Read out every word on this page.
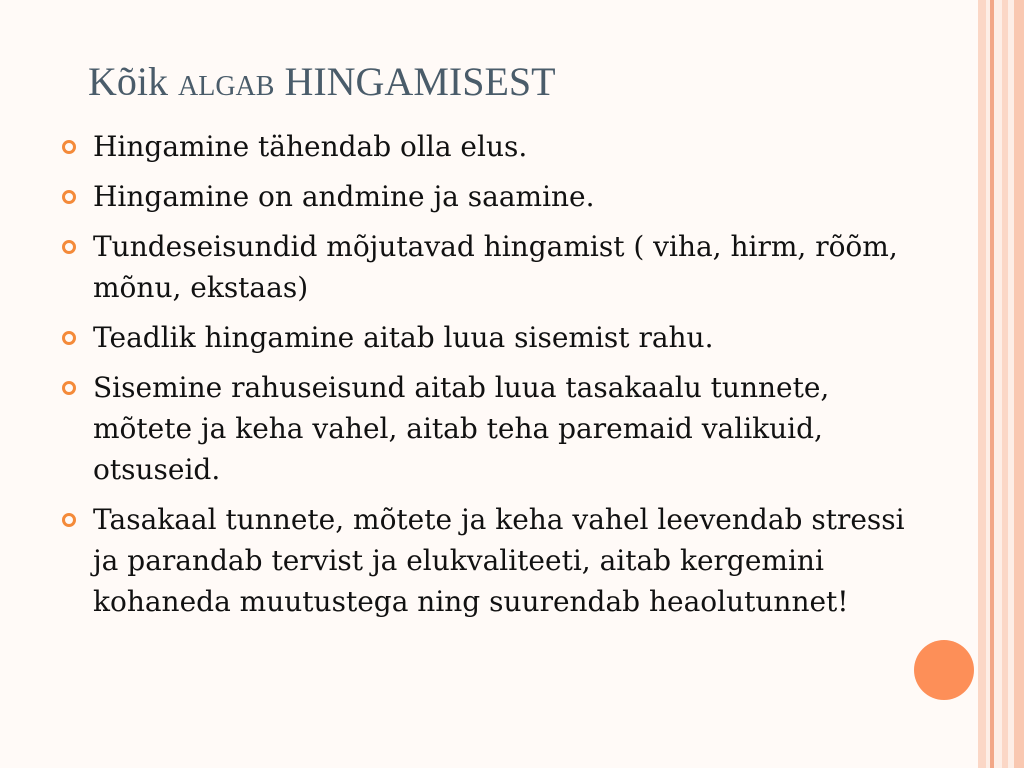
Kõik algab HINGAMISEST
Hingamine tähendab olla elus.
Hingamine on andmine ja saamine.
Tundeseisundid mõjutavad hingamist ( viha, hirm, rõõm, mõnu, ekstaas)
Teadlik hingamine aitab luua sisemist rahu.
Sisemine rahuseisund aitab luua tasakaalu tunnete, mõtete ja keha vahel, aitab teha paremaid valikuid, otsuseid.
Tasakaal tunnete, mõtete ja keha vahel leevendab stressi ja parandab tervist ja elukvaliteeti, aitab kergemini kohaneda muutustega ning suurendab heaolutunnet!
